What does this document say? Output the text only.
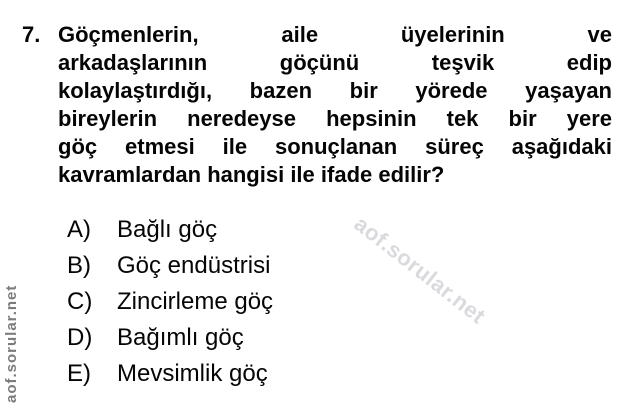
7. Göçmenlerin, aile üyelerinin ve
arkadaşlarının göçünü teşvik edip
kolaylaştırdığı, bazen bir yörede yaşayan
bireylerin neredeyse hepsinin tek bir yere
göç etmesi ile sonuçlanan süreç aşağıdaki
kavramlardan hangisi ile ifade edilir?
A)	Bağlı göç
B)	Göç endüstrisi
C)	Zincirleme göç
D)	Bağımlı göç
E)	Mevsimlik göç
aof.sorular.net
aof.sorular.net
